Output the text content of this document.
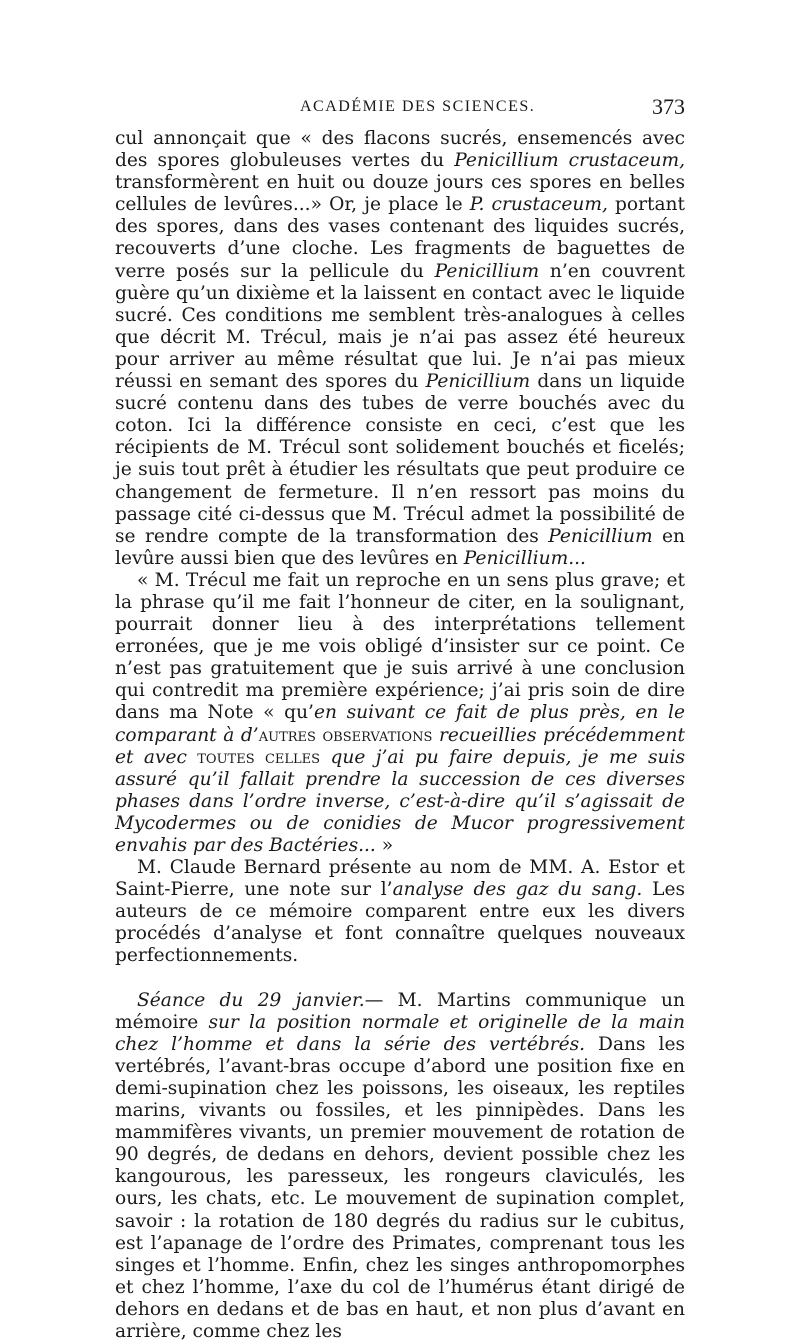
ACADÉMIE DES SCIENCES.	373

cul annonçait que « des flacons sucrés, ensemencés avec des spores globuleuses vertes du Penicillium crustaceum, transformèrent en huit ou douze jours ces spores en belles cellules de levûres...» Or, je place le P. crustaceum, portant des spores, dans des vases contenant des liquides sucrés, recouverts d’une cloche. Les fragments de baguettes de verre posés sur la pellicule du Penicillium n’en couvrent guère qu’un dixième et la laissent en contact avec le liquide sucré. Ces conditions me semblent très-analogues à celles que décrit M. Trécul, mais je n’ai pas assez été heureux pour arriver au même résultat que lui. Je n’ai pas mieux réussi en semant des spores du Penicillium dans un liquide sucré contenu dans des tubes de verre bouchés avec du coton. Ici la différence consiste en ceci, c’est que les récipients de M. Trécul sont solidement bouchés et ficelés; je suis tout prêt à étudier les résultats que peut produire ce changement de fermeture. Il n’en ressort pas moins du passage cité ci-dessus que M. Trécul admet la possibilité de se rendre compte de la transformation des Penicillium en levûre aussi bien que des levûres en Penicillium...

« M. Trécul me fait un reproche en un sens plus grave; et la phrase qu’il me fait l’honneur de citer, en la soulignant, pourrait donner lieu à des interprétations tellement erronées, que je me vois obligé d’insister sur ce point. Ce n’est pas gratuitement que je suis arrivé à une conclusion qui contredit ma première expérience; j’ai pris soin de dire dans ma Note « qu’en suivant ce fait de plus près, en le comparant à d’autres observations recueillies précédemment et avec toutes celles que j’ai pu faire depuis, je me suis assuré qu’il fallait prendre la succession de ces diverses phases dans l’ordre inverse, c’est-à-dire qu’il s’agissait de Mycodermes ou de conidies de Mucor progressivement envahis par des Bactéries... »

M. Claude Bernard présente au nom de MM. A. Estor et Saint-Pierre, une note sur l’analyse des gaz du sang. Les auteurs de ce mémoire comparent entre eux les divers procédés d’analyse et font connaître quelques nouveaux perfectionnements.

Séance du 29 janvier.— M. Martins communique un mémoire sur la position normale et originelle de la main chez l’homme et dans la série des vertébrés. Dans les vertébrés, l’avant-bras occupe d’abord une position fixe en demi-supination chez les poissons, les oiseaux, les reptiles marins, vivants ou fossiles, et les pinnipèdes. Dans les mammifères vivants, un premier mouvement de rotation de 90 degrés, de dedans en dehors, devient possible chez les kangourous, les paresseux, les rongeurs claviculés, les ours, les chats, etc. Le mouvement de supination complet, savoir : la rotation de 180 degrés du radius sur le cubitus, est l’apanage de l’ordre des Primates, comprenant tous les singes et l’homme. Enfin, chez les singes anthropomorphes et chez l’homme, l’axe du col de l’humérus étant dirigé de dehors en dedans et de bas en haut, et non plus d’avant en arrière, comme chez les
